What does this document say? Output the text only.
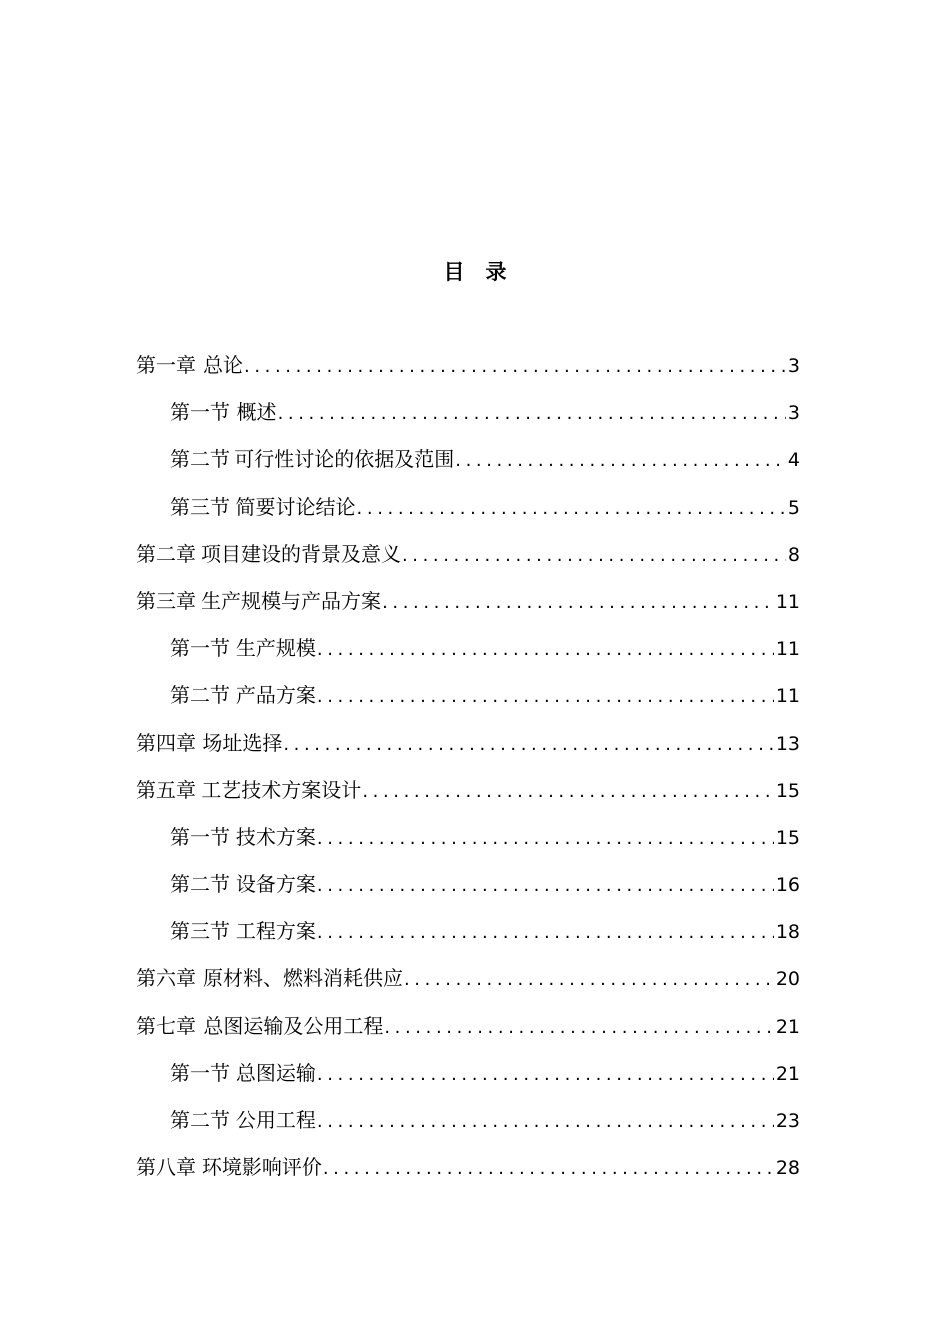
目　录
第一章 总论 .....	3
第一节 概述 .....	3
第二节 可行性讨论的依据及范围 .....	4
第三节 简要讨论结论 .....	5
第二章 项目建设的背景及意义 .....	8
第三章 生产规模与产品方案 .....	11
第一节 生产规模 .....	11
第二节 产品方案 .....	11
第四章 场址选择 .....	13
第五章 工艺技术方案设计 .....	15
第一节 技术方案 .....	15
第二节 设备方案 .....	16
第三节 工程方案 .....	18
第六章 原材料、燃料消耗供应 .....	20
第七章 总图运输及公用工程 .....	21
第一节 总图运输 .....	21
第二节 公用工程 .....	23
第八章 环境影响评价 .....	28
